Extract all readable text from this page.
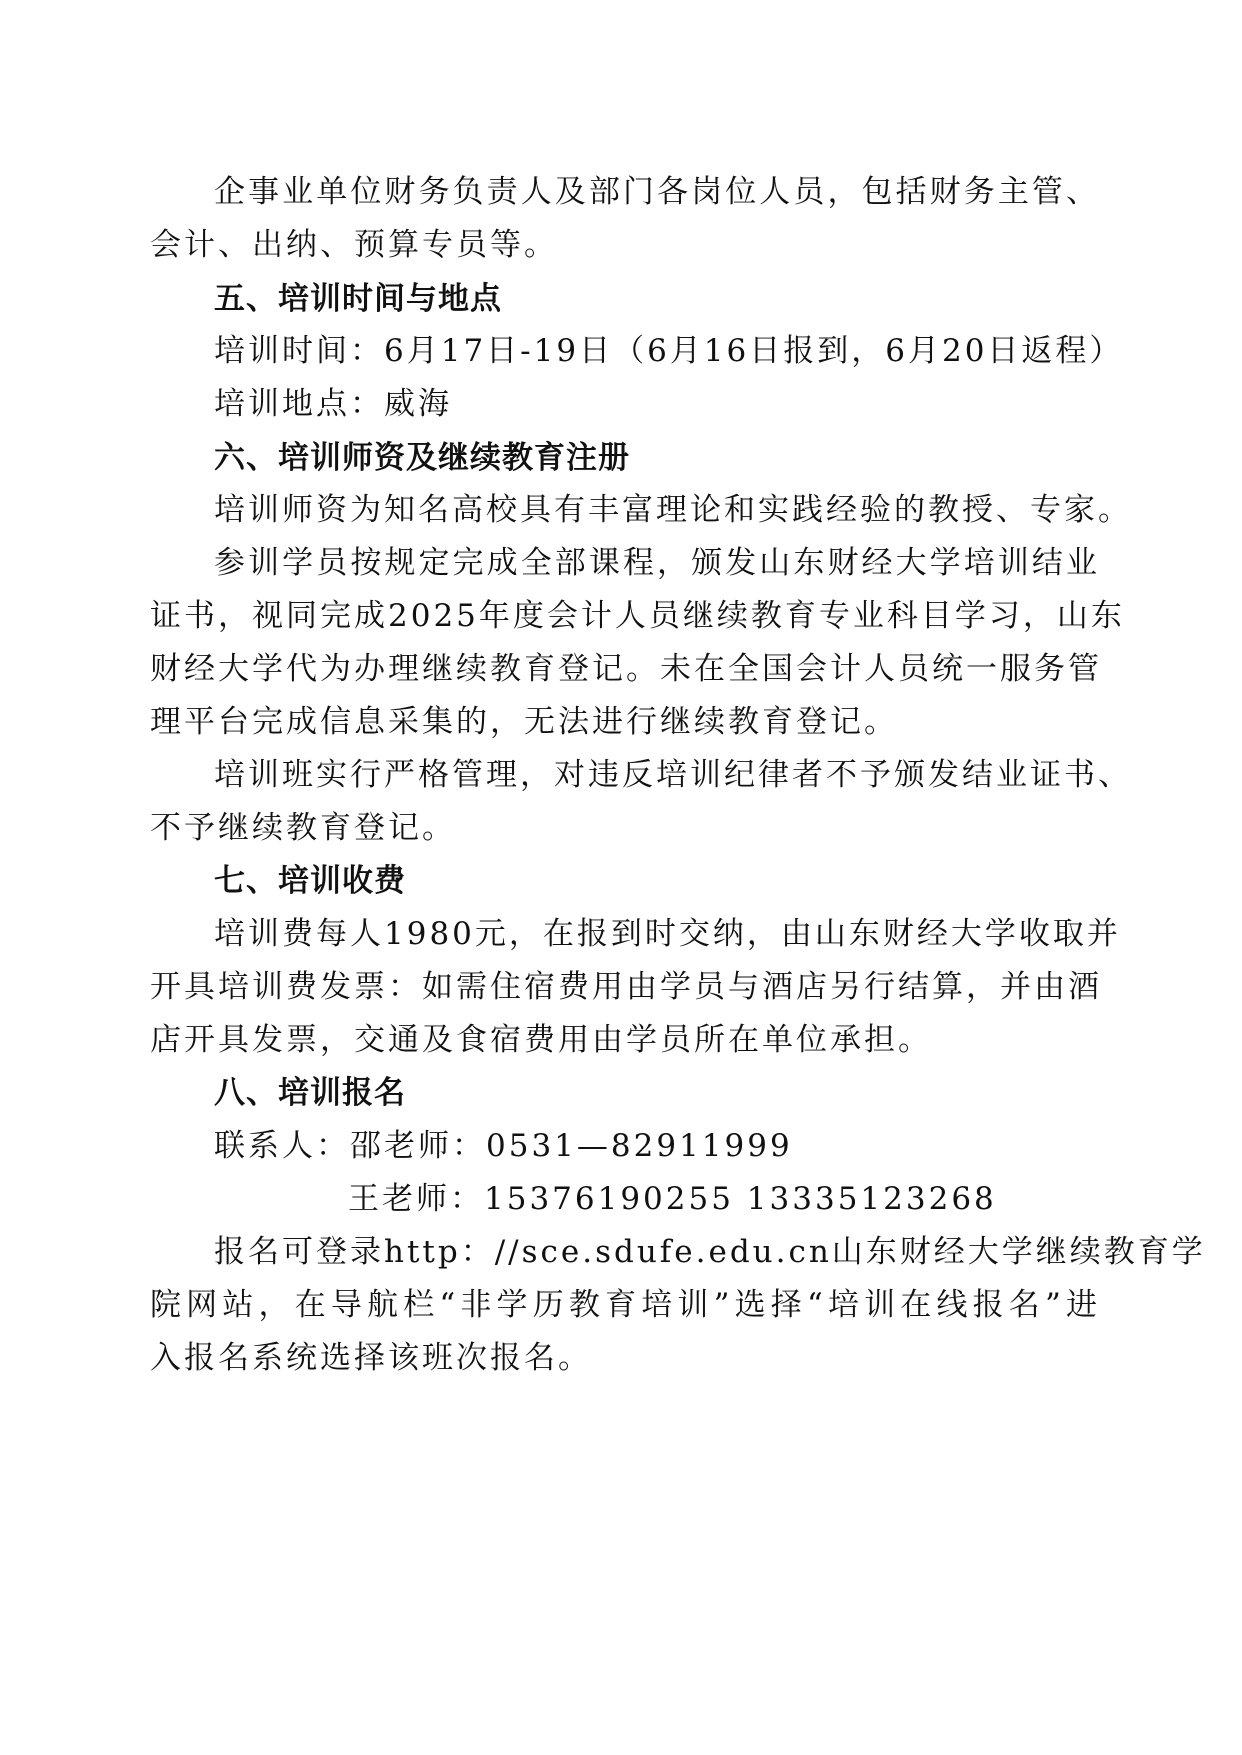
企事业单位财务负责人及部门各岗位人员，包括财务主管、
会计、出纳、预算专员等。
五、培训时间与地点
培训时间：6月17日-19日（6月16日报到，6月20日返程）
培训地点：威海
六、培训师资及继续教育注册
培训师资为知名高校具有丰富理论和实践经验的教授、专家。
参训学员按规定完成全部课程，颁发山东财经大学培训结业
证书，视同完成2025年度会计人员继续教育专业科目学习，山东
财经大学代为办理继续教育登记。未在全国会计人员统一服务管
理平台完成信息采集的，无法进行继续教育登记。
培训班实行严格管理，对违反培训纪律者不予颁发结业证书、
不予继续教育登记。
七、培训收费
培训费每人1980元，在报到时交纳，由山东财经大学收取并
开具培训费发票：如需住宿费用由学员与酒店另行结算，并由酒
店开具发票，交通及食宿费用由学员所在单位承担。
八、培训报名
联系人：邵老师：0531—82911999
王老师：15376190255 13335123268
报名可登录http：//sce.sdufe.edu.cn山东财经大学继续教育学
院网站，在导航栏“非学历教育培训”选择“培训在线报名”进
入报名系统选择该班次报名。
